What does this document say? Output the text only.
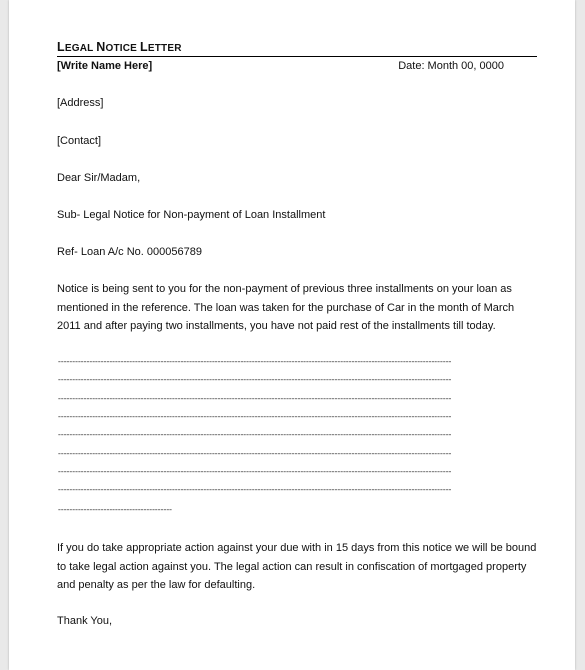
LEGAL NOTICE LETTER
[Write Name Here]	Date: Month 00, 0000
[Address]
[Contact]
Dear Sir/Madam,
Sub- Legal Notice for Non-payment of Loan Installment
Ref- Loan A/c No. 000056789
Notice is being sent to you for the non-payment of previous three installments on your loan as mentioned in the reference. The loan was taken for the purchase of Car in the month of March 2011 and after paying two installments, you have not paid rest of the installments till today.
------------------------------------------------------------------------------------------------------------------------------------------
------------------------------------------------------------------------------------------------------------------------------------------
------------------------------------------------------------------------------------------------------------------------------------------
------------------------------------------------------------------------------------------------------------------------------------------
------------------------------------------------------------------------------------------------------------------------------------------
------------------------------------------------------------------------------------------------------------------------------------------
------------------------------------------------------------------------------------------------------------------------------------------
------------------------------------------------------------------------------------------------------------------------------------------
----------------------------------------
If you do take appropriate action against your due with in 15 days from this notice we will be bound to take legal action against you. The legal action can result in confiscation of mortgaged property and penalty as per the law for defaulting.
Thank You,
